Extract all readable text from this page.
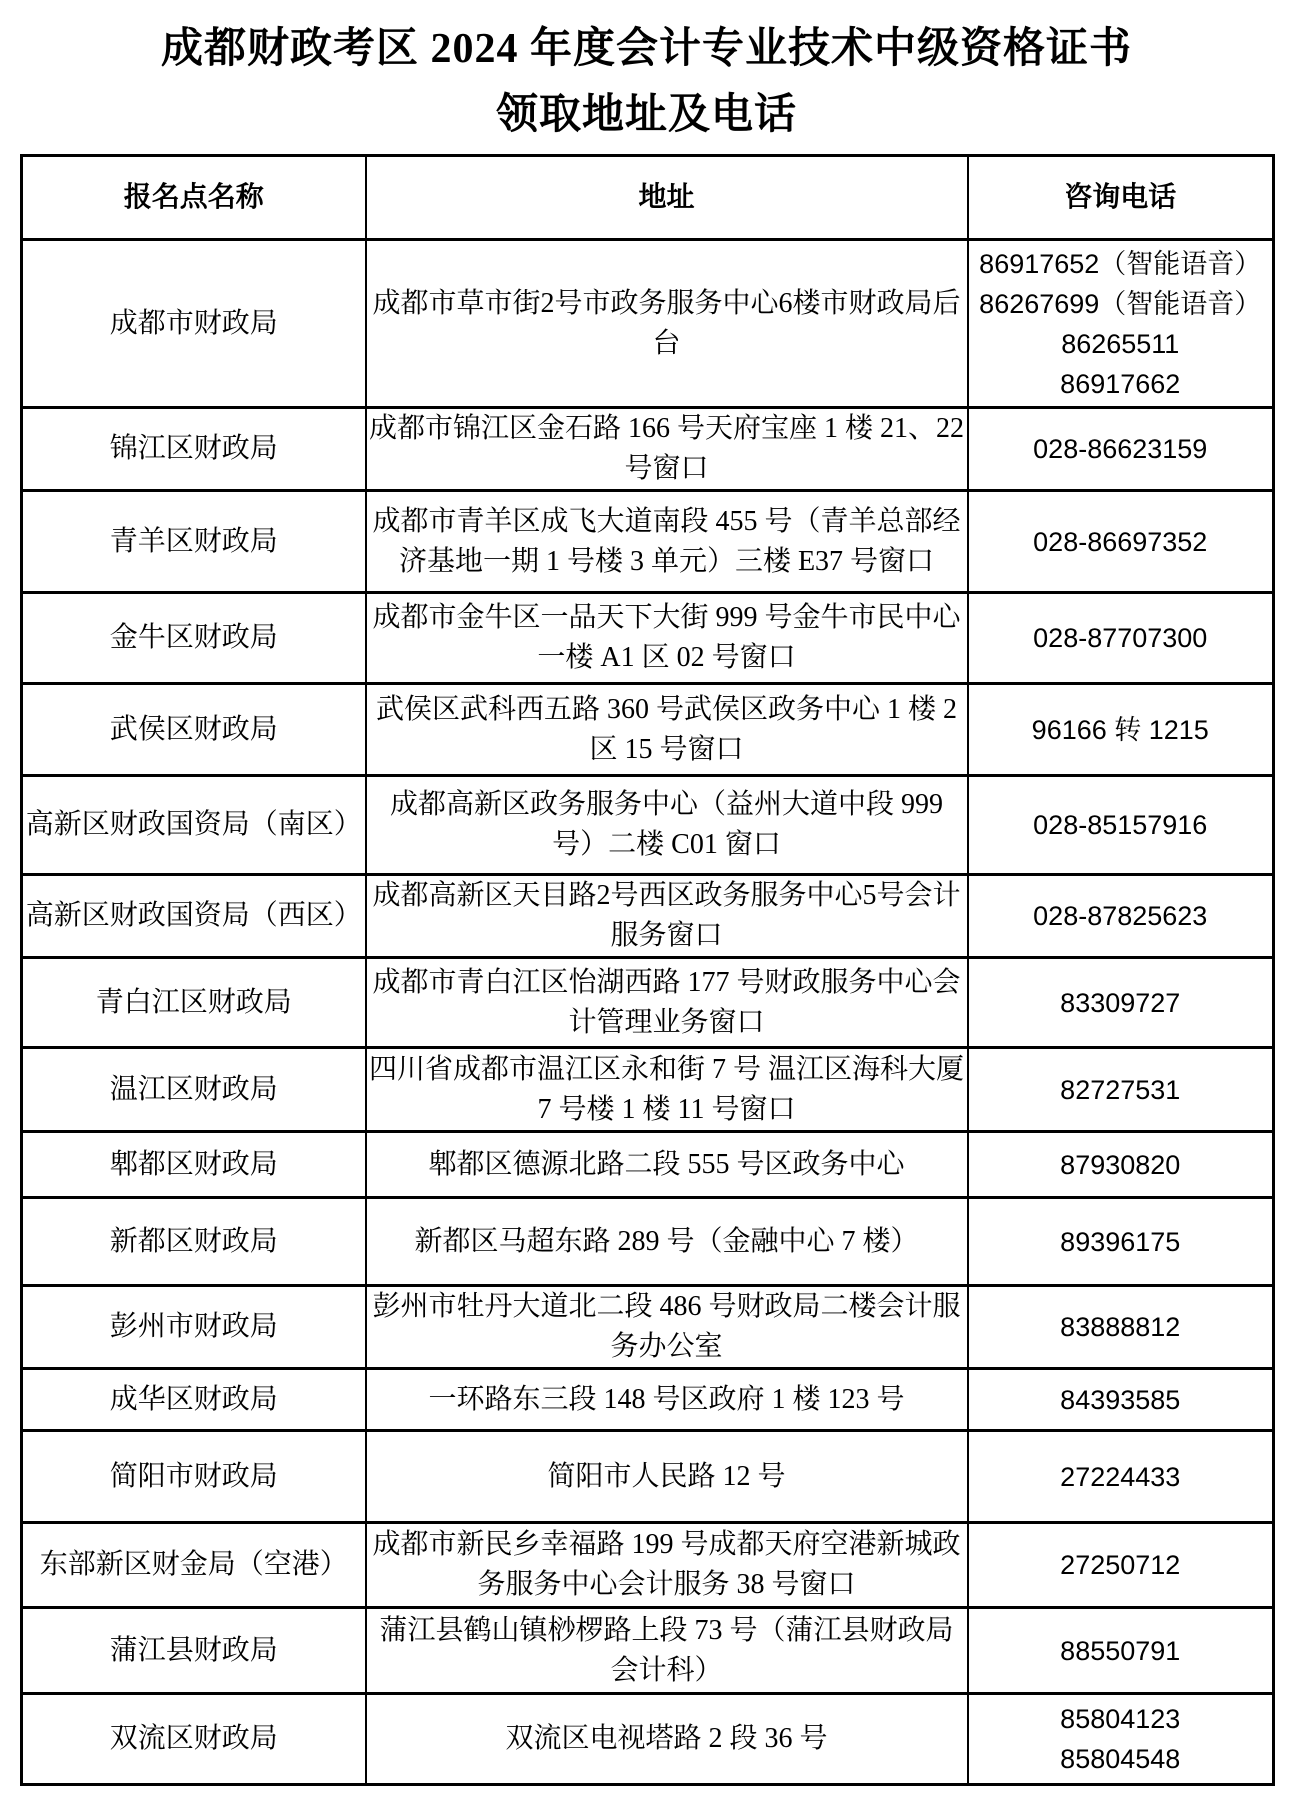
成都财政考区 2024 年度会计专业技术中级资格证书
领取地址及电话
报名点名称	地址	咨询电话
成都市财政局	成都市草市街2号市政务服务中心6楼市财政局后台	86917652（智能语音）
86267699（智能语音）
86265511
86917662

锦江区财政局	成都市锦江区金石路 166 号天府宝座 1 楼 21、22 号窗口	028-86623159

青羊区财政局	成都市青羊区成飞大道南段 455 号（青羊总部经济基地一期 1 号楼 3 单元）三楼 E37 号窗口	028-86697352

金牛区财政局	成都市金牛区一品天下大街 999 号金牛市民中心一楼 A1 区 02 号窗口	028-87707300

武侯区财政局	武侯区武科西五路 360 号武侯区政务中心 1 楼 2 区 15 号窗口	96166 转 1215

高新区财政国资局（南区）	成都高新区政务服务中心（益州大道中段 999 号）二楼 C01 窗口	028-85157916

高新区财政国资局（西区）	成都高新区天目路2号西区政务服务中心5号会计服务窗口	028-87825623

青白江区财政局	成都市青白江区怡湖西路 177 号财政服务中心会计管理业务窗口	83309727

温江区财政局	四川省成都市温江区永和街 7 号 温江区海科大厦 7 号楼 1 楼 11 号窗口	82727531

郫都区财政局	郫都区德源北路二段 555 号区政务中心	87930820

新都区财政局	新都区马超东路 289 号（金融中心 7 楼）	89396175

彭州市财政局	彭州市牡丹大道北二段 486 号财政局二楼会计服务办公室	83888812

成华区财政局	一环路东三段 148 号区政府 1 楼 123 号	84393585

简阳市财政局	简阳市人民路 12 号	27224433

东部新区财金局（空港）	成都市新民乡幸福路 199 号成都天府空港新城政务服务中心会计服务 38 号窗口	27250712

蒲江县财政局	蒲江县鹤山镇桫椤路上段 73 号（蒲江县财政局会计科）	88550791

双流区财政局	双流区电视塔路 2 段 36 号	85804123
85804548
